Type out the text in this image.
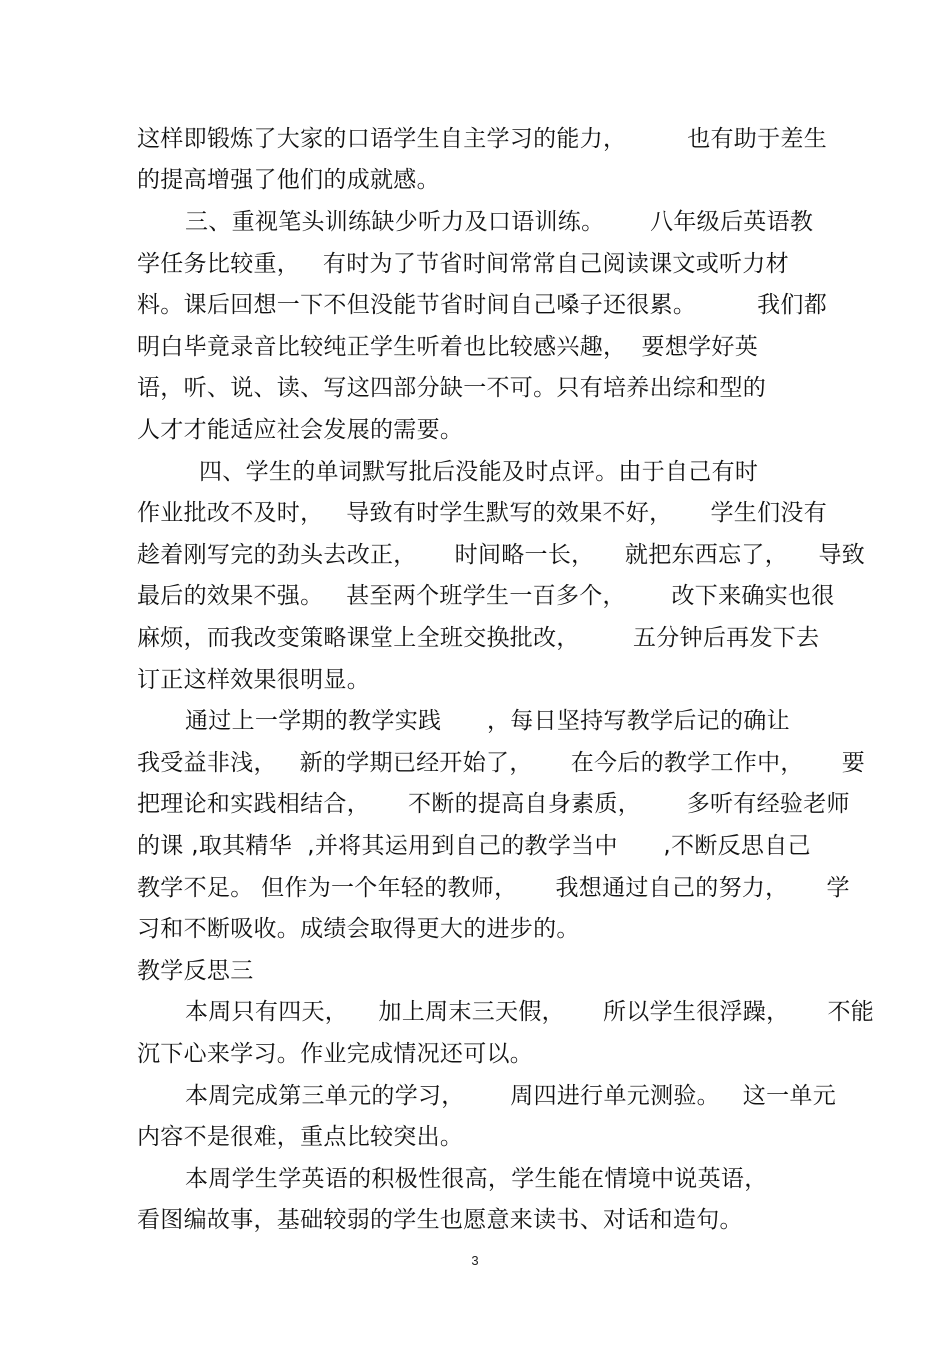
这样即锻炼了大家的口语学生自主学习的能力，        也有助于差生
的提高增强了他们的成就感。
三、重视笔头训练缺少听力及口语训练。      八年级后英语教
学任务比较重，   有时为了节省时间常常自己阅读课文或听力材
料。课后回想一下不但没能节省时间自己嗓子还很累。        我们都
明白毕竟录音比较纯正学生听着也比较感兴趣，  要想学好英
语，听、说、读、写这四部分缺一不可。只有培养出综和型的
人才才能适应社会发展的需要。
四、学生的单词默写批后没能及时点评。由于自己有时
作业批改不及时，   导致有时学生默写的效果不好，     学生们没有
趁着刚写完的劲头去改正，     时间略一长，    就把东西忘了，    导致
最后的效果不强。   甚至两个班学生一百多个，      改下来确实也很
麻烦，而我改变策略课堂上全班交换批改，       五分钟后再发下去
订正这样效果很明显。
通过上一学期的教学实践      ，每日坚持写教学后记的确让
我受益非浅，   新的学期已经开始了，     在今后的教学工作中，     要
把理论和实践相结合，     不断的提高自身素质，      多听有经验老师
的课 ,取其精华  ,并将其运用到自己的教学当中      ,不断反思自己
教学不足。 但作为一个年轻的教师，     我想通过自己的努力，     学
习和不断吸收。成绩会取得更大的进步的。
教学反思三
本周只有四天，    加上周末三天假，     所以学生很浮躁，     不能
沉下心来学习。作业完成情况还可以。
本周完成第三单元的学习，      周四进行单元测验。   这一单元
内容不是很难，重点比较突出。
本周学生学英语的积极性很高，学生能在情境中说英语，
看图编故事，基础较弱的学生也愿意来读书、对话和造句。
3
